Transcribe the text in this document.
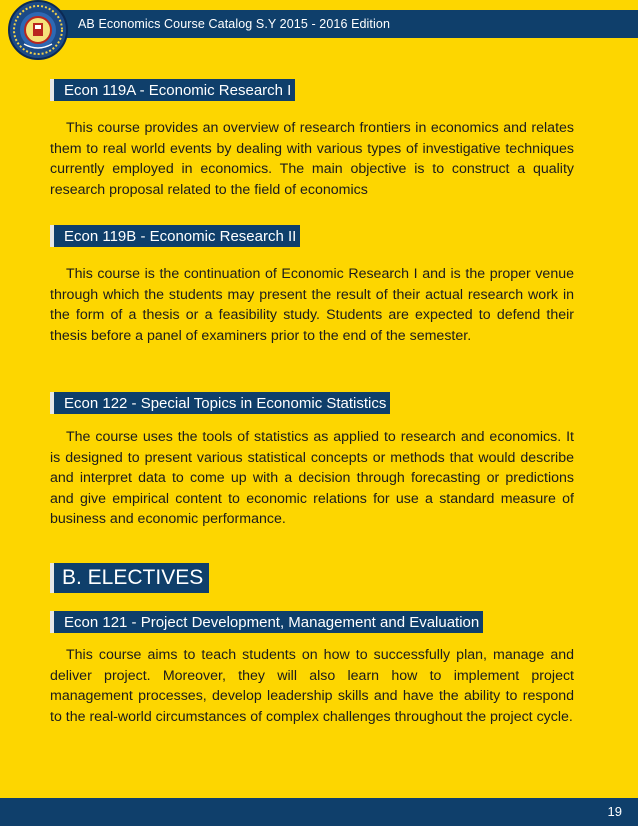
AB Economics Course Catalog S.Y 2015 - 2016 Edition
Econ 119A - Economic Research I

This course provides an overview of research frontiers in economics and relates them to real world events by dealing with various types of investigative techniques currently employed in economics. The main objective is to construct a quality research proposal related to the field of economics

Econ 119B - Economic Research II

This course is the continuation of Economic Research I and is the proper venue through which the students may present the result of their actual research work in the form of a thesis or a feasibility study. Students are expected to defend their thesis before a panel of examiners prior to the end of the semester.

Econ 122 - Special Topics in Economic Statistics

The course uses the tools of statistics as applied to research and economics. It is designed to present various statistical concepts or methods that would describe and interpret data to come up with a decision through forecasting or predictions and give empirical content to economic relations for use a standard measure of business and economic performance.

B. ELECTIVES
Econ 121 - Project Development, Management and Evaluation

This course aims to teach students on how to successfully plan, manage and deliver project. Moreover, they will also learn how to implement project management processes, develop leadership skills and have the ability to respond to the real-world circumstances of complex challenges throughout the project cycle.

19
